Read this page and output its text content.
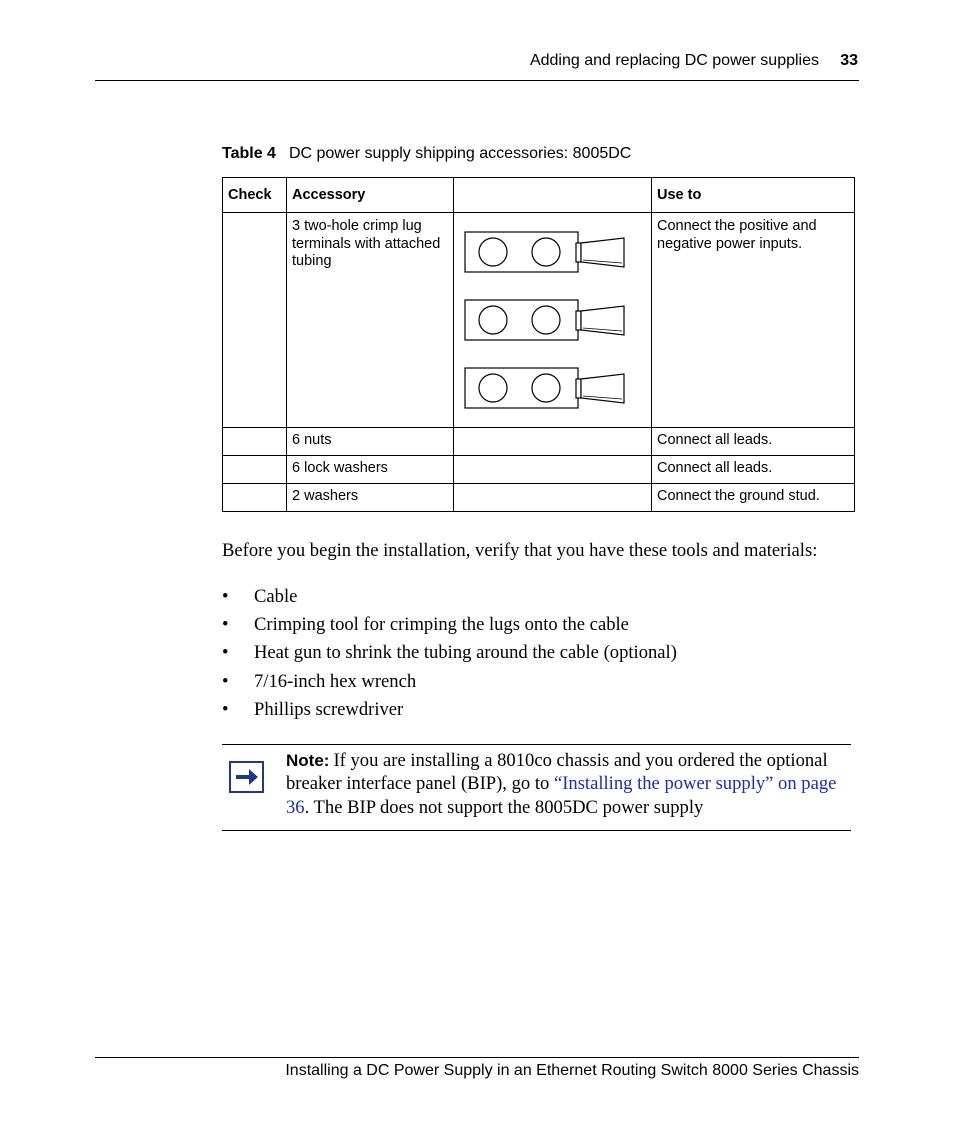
Adding and replacing DC power supplies 33
Table 4 DC power supply shipping accessories: 8005DC
Check	Accessory		Use to
	3 two-hole crimp lug terminals with attached tubing		Connect the positive and negative power inputs.
	6 nuts		Connect all leads.
	6 lock washers		Connect all leads.
	2 washers		Connect the ground stud.
Before you begin the installation, verify that you have these tools and materials:
• Cable
• Crimping tool for crimping the lugs onto the cable
• Heat gun to shrink the tubing around the cable (optional)
• 7/16-inch hex wrench
• Phillips screwdriver
Note: If you are installing a 8010co chassis and you ordered the optional breaker interface panel (BIP), go to “Installing the power supply” on page 36. The BIP does not support the 8005DC power supply
Installing a DC Power Supply in an Ethernet Routing Switch 8000 Series Chassis
